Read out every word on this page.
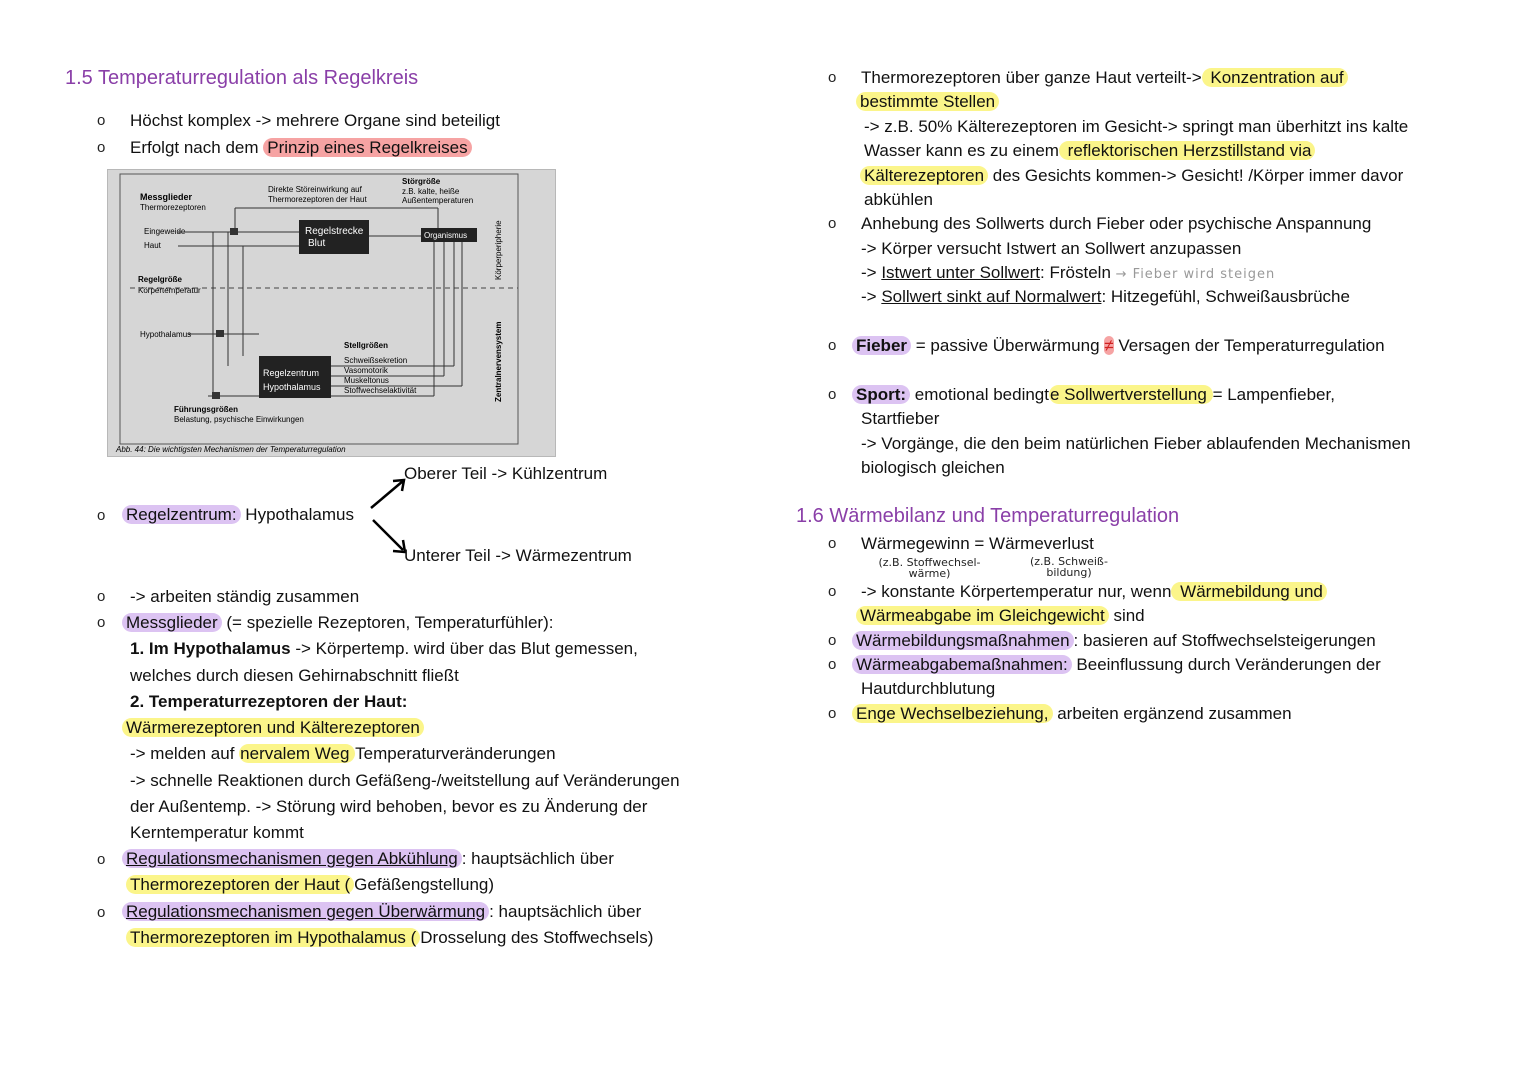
1.5 Temperaturregulation als Regelkreis
o Höchst komplex -> mehrere Organe sind beteiligt
o Erfolgt nach dem Prinzip eines Regelkreises
Messglieder
Thermorezeptoren
Eingeweide
Haut
Direkte Störeinwirkung auf
Thermorezeptoren der Haut
Störgröße
z.B. kalte, heiße
Außentemperaturen
Regelstrecke
Blut
Organismus	Körperperipherie
Regelgröße
Körpertemperatur
Hypothalamus
Stellgrößen
Schweißsekretion
Vasomotorik
Muskeltonus
Stoffwechselaktivität
Regelzentrum
Hypothalamus	Zentralnervensystem
Führungsgrößen
Belastung, psychische Einwirkungen
Abb. 44: Die wichtigsten Mechanismen der Temperaturregulation
Oberer Teil -> Kühlzentrum
o Regelzentrum: Hypothalamus
Unterer Teil -> Wärmezentrum
o -> arbeiten ständig zusammen
o Messglieder (= spezielle Rezeptoren, Temperaturfühler):
1. Im Hypothalamus -> Körpertemp. wird über das Blut gemessen,
welches durch diesen Gehirnabschnitt fließt
2. Temperaturrezeptoren der Haut:
Wärmerezeptoren und Kälterezeptoren
-> melden auf nervalem Weg Temperaturveränderungen
-> schnelle Reaktionen durch Gefäßeng-/weitstellung auf Veränderungen
der Außentemp. -> Störung wird behoben, bevor es zu Änderung der
Kerntemperatur kommt
o Regulationsmechanismen gegen Abkühlung : hauptsächlich über
Thermorezeptoren der Haut ( Gefäßengstellung)
o Regulationsmechanismen gegen Überwärmung : hauptsächlich über
Thermorezeptoren im Hypothalamus ( Drosselung des Stoffwechsels)
o Thermorezeptoren über ganze Haut verteilt-> Konzentration auf
bestimmte Stellen
-> z.B. 50% Kälterezeptoren im Gesicht-> springt man überhitzt ins kalte
Wasser kann es zu einem reflektorischen Herzstillstand via
Kälterezeptoren des Gesichts kommen-> Gesicht! /Körper immer davor
abkühlen
o Anhebung des Sollwerts durch Fieber oder psychische Anspannung
-> Körper versucht Istwert an Sollwert anzupassen
-> Istwert unter Sollwert: Frösteln → Fieber wird steigen
-> Sollwert sinkt auf Normalwert: Hitzegefühl, Schweißausbrüche
o Fieber = passive Überwärmung ≠ Versagen der Temperaturregulation
o Sport: emotional bedingte Sollwertverstellung = Lampenfieber,
Startfieber
-> Vorgänge, die den beim natürlichen Fieber ablaufenden Mechanismen
biologisch gleichen
1.6 Wärmebilanz und Temperaturregulation
o Wärmegewinn = Wärmeverlust
(z.B. Stoffwechsel-
wärme)
(z.B. Schweiß-
bildung)
o -> konstante Körpertemperatur nur, wenn Wärmebildung und
Wärmeabgabe im Gleichgewicht sind
o Wärmebildungsmaßnahmen : basieren auf Stoffwechselsteigerungen
o Wärmeabgabemaßnahmen: Beeinflussung durch Veränderungen der
Hautdurchblutung
o Enge Wechselbeziehung, arbeiten ergänzend zusammen
